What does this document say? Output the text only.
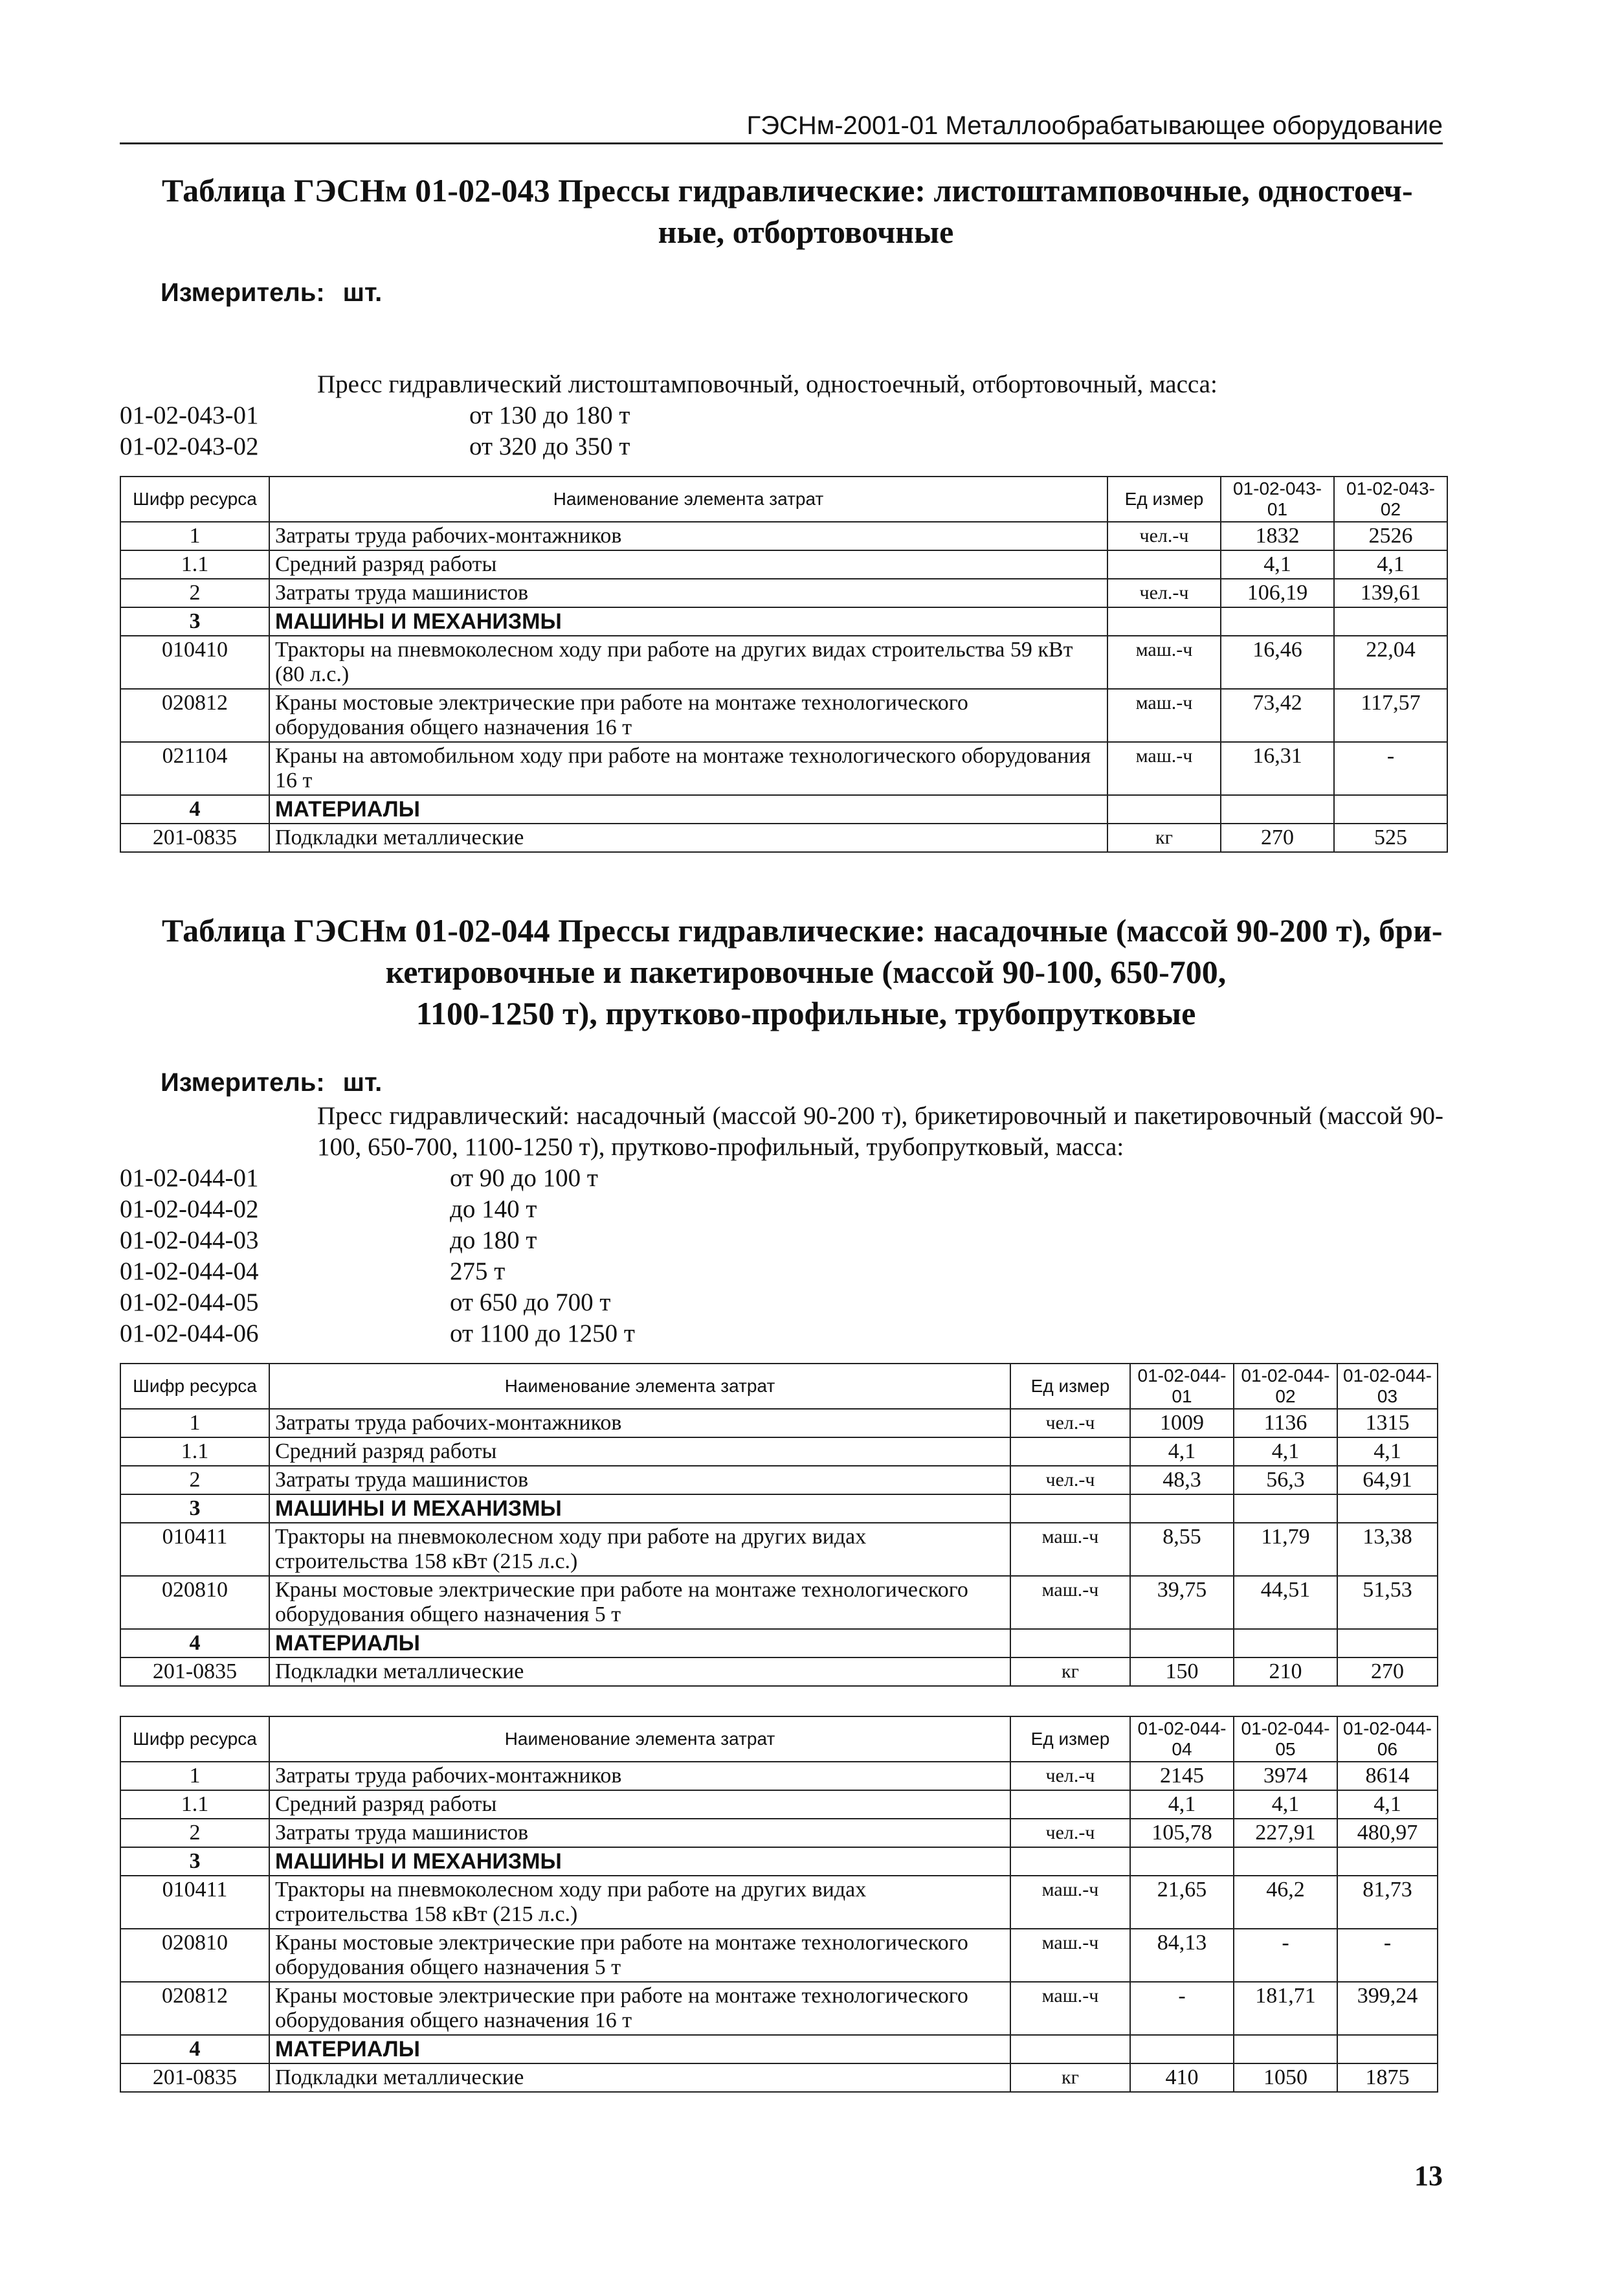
ГЭСНм-2001-01 Металлообрабатывающее оборудование
Таблица ГЭСНм 01-02-043 Прессы гидравлические: листоштамповочные, одностоеч-
ные, отбортовочные
Измеритель: шт.
Пресс гидравлический листоштамповочный, одностоечный, отбортовочный, масса:
01-02-043-01	от 130 до 180 т
01-02-043-02	от 320 до 350 т
Шифр ресурса	Наименование элемента затрат	Ед измер	01-02-043-01	01-02-043-02
1	Затраты труда рабочих-монтажников	чел.-ч	1832	2526
1.1	Средний разряд работы		4,1	4,1
2	Затраты труда машинистов	чел.-ч	106,19	139,61
3	МАШИНЫ И МЕХАНИЗМЫ			
010410	Тракторы на пневмоколесном ходу при работе на других видах строительства 59 кВт (80 л.с.)	маш.-ч	16,46	22,04
020812	Краны мостовые электрические при работе на монтаже технологического оборудования общего назначения 16 т	маш.-ч	73,42	117,57
021104	Краны на автомобильном ходу при работе на монтаже технологического оборудования 16 т	маш.-ч	16,31	-
4	МАТЕРИАЛЫ			
201-0835	Подкладки металлические	кг	270	525
Таблица ГЭСНм 01-02-044 Прессы гидравлические: насадочные (массой 90-200 т), бри-
кетировочные и пакетировочные (массой 90-100, 650-700,
1100-1250 т), прутково-профильные, трубопрутковые
Измеритель: шт.
Пресс гидравлический: насадочный (массой 90-200 т), брикетировочный и пакетировочный (массой 90-100, 650-700, 1100-1250 т), прутково-профильный, трубопрутковый, масса:
01-02-044-01	от 90 до 100 т
01-02-044-02	до 140 т
01-02-044-03	до 180 т
01-02-044-04	275 т
01-02-044-05	от 650 до 700 т
01-02-044-06	от 1100 до 1250 т
Шифр ресурса	Наименование элемента затрат	Ед измер	01-02-044-01	01-02-044-02	01-02-044-03
1	Затраты труда рабочих-монтажников	чел.-ч	1009	1136	1315
1.1	Средний разряд работы		4,1	4,1	4,1
2	Затраты труда машинистов	чел.-ч	48,3	56,3	64,91
3	МАШИНЫ И МЕХАНИЗМЫ				
010411	Тракторы на пневмоколесном ходу при работе на других видах строительства 158 кВт (215 л.с.)	маш.-ч	8,55	11,79	13,38
020810	Краны мостовые электрические при работе на монтаже технологического оборудования общего назначения 5 т	маш.-ч	39,75	44,51	51,53
4	МАТЕРИАЛЫ				
201-0835	Подкладки металлические	кг	150	210	270
Шифр ресурса	Наименование элемента затрат	Ед измер	01-02-044-04	01-02-044-05	01-02-044-06
1	Затраты труда рабочих-монтажников	чел.-ч	2145	3974	8614
1.1	Средний разряд работы		4,1	4,1	4,1
2	Затраты труда машинистов	чел.-ч	105,78	227,91	480,97
3	МАШИНЫ И МЕХАНИЗМЫ				
010411	Тракторы на пневмоколесном ходу при работе на других видах строительства 158 кВт (215 л.с.)	маш.-ч	21,65	46,2	81,73
020810	Краны мостовые электрические при работе на монтаже технологического оборудования общего назначения 5 т	маш.-ч	84,13	-	-
020812	Краны мостовые электрические при работе на монтаже технологического оборудования общего назначения 16 т	маш.-ч	-	181,71	399,24
4	МАТЕРИАЛЫ				
201-0835	Подкладки металлические	кг	410	1050	1875
13
